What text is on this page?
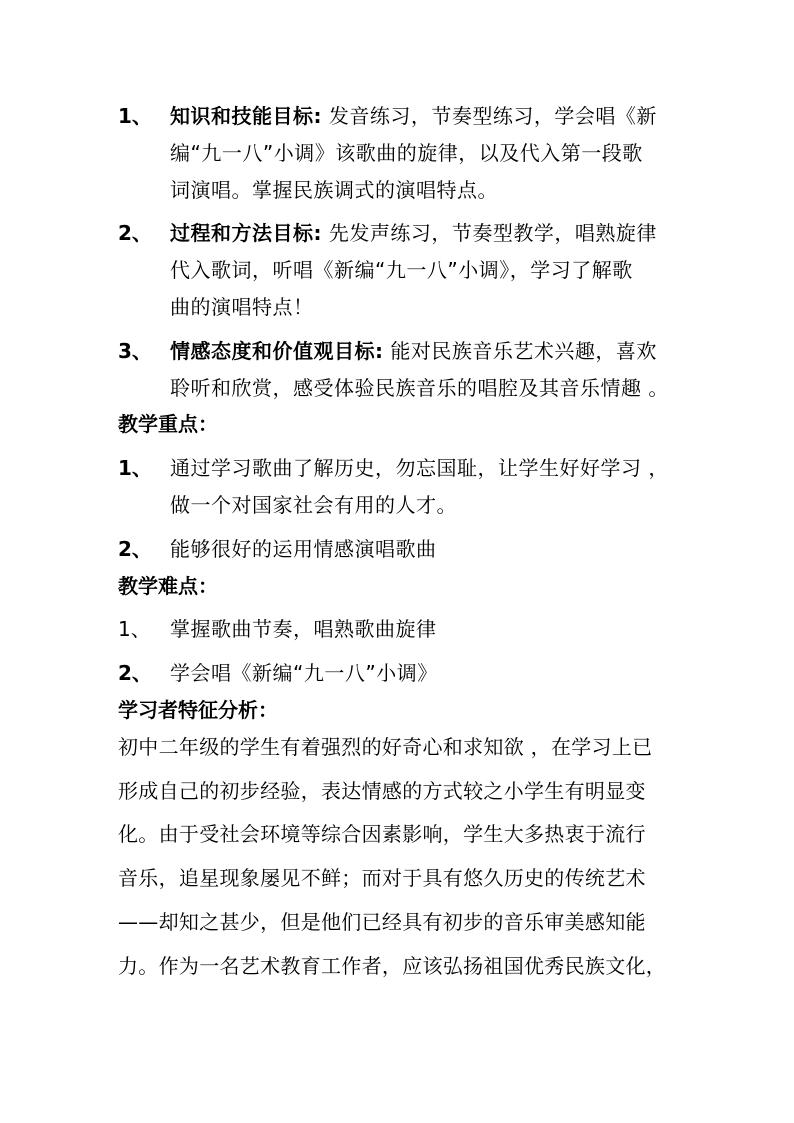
1、 知识和技能目标: 发音练习，节奏型练习，学会唱《新
编“九一八”小调》该歌曲的旋律，以及代入第一段歌
词演唱。掌握民族调式的演唱特点。
2、 过程和方法目标: 先发声练习，节奏型教学，唱熟旋律
代入歌词，听唱《新编“九一八”小调》，学习了解歌
曲的演唱特点！
3、 情感态度和价值观目标: 能对民族音乐艺术兴趣，喜欢
聆听和欣赏，感受体验民族音乐的唱腔及其音乐情趣 。
教学重点：
1、 通过学习歌曲了解历史，勿忘国耻，让学生好好学习 ，
做一个对国家社会有用的人才。
2、 能够很好的运用情感演唱歌曲
教学难点：
1、 掌握歌曲节奏，唱熟歌曲旋律
2、 学会唱《新编“九一八”小调》
学习者特征分析：
初中二年级的学生有着强烈的好奇心和求知欲 ，在学习上已
形成自己的初步经验，表达情感的方式较之小学生有明显变
化。由于受社会环境等综合因素影响，学生大多热衷于流行
音乐，追星现象屡见不鲜；而对于具有悠久历史的传统艺术
——却知之甚少，但是他们已经具有初步的音乐审美感知能
力。作为一名艺术教育工作者，应该弘扬祖国优秀民族文化，
